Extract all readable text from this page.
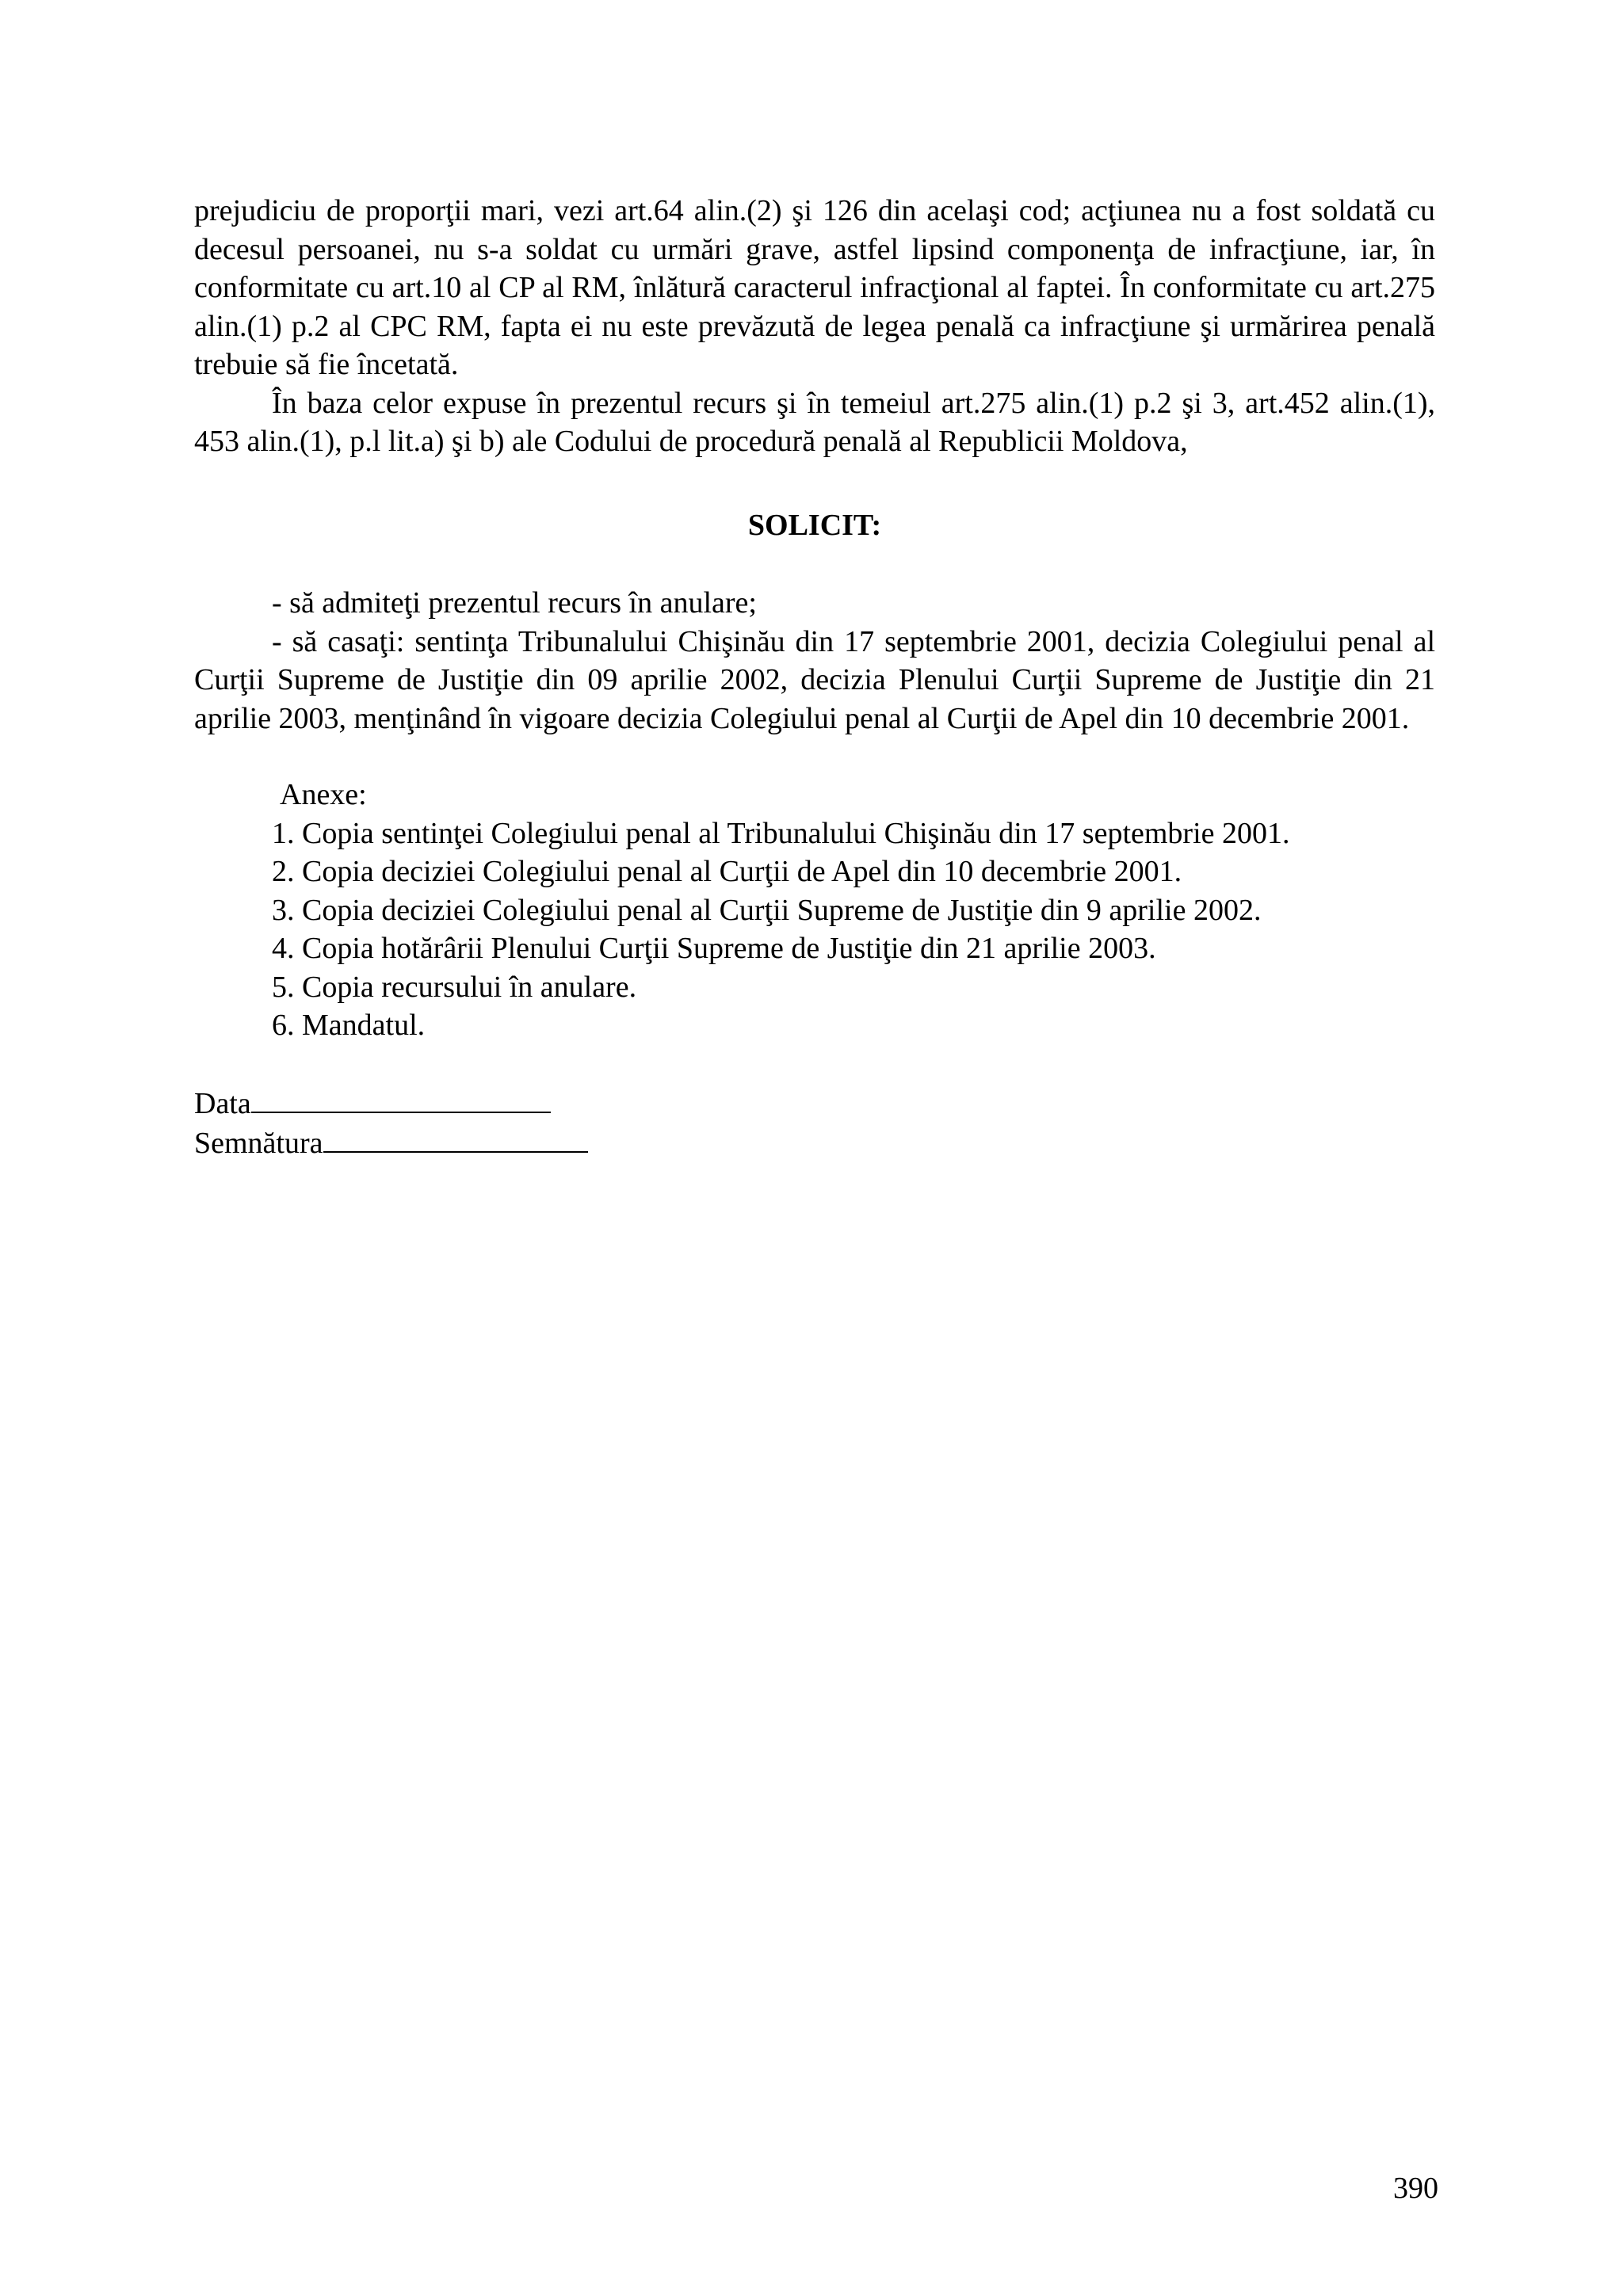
prejudiciu de proporţii mari, vezi art.64 alin.(2) şi 126 din acelaşi cod; acţiunea nu a fost soldată cu decesul persoanei, nu s-a soldat cu urmări grave, astfel lipsind componenţa de infracţiune, iar, în conformitate cu art.10 al CP al RM, înlătură caracterul infracţional al faptei. În conformitate cu art.275 alin.(1) p.2 al CPC RM, fapta ei nu este prevăzută de legea penală ca infracţiune şi urmărirea penală trebuie să fie încetată.

În baza celor expuse în prezentul recurs şi în temeiul art.275 alin.(1) p.2 şi 3, art.452 alin.(1), 453 alin.(1), p.l lit.a) şi b) ale Codului de procedură penală al Republicii Moldova,

SOLICIT:

- să admiteţi prezentul recurs în anulare;

- să casaţi: sentinţa Tribunalului Chişinău din 17 septembrie 2001, decizia Colegiului penal al Curţii Supreme de Justiţie din 09 aprilie 2002, decizia Plenului Curţii Supreme de Justiţie din 21 aprilie 2003, menţinând în vigoare decizia Colegiului penal al Curţii de Apel din 10 decembrie 2001.

Anexe:

1. Copia sentinţei Colegiului penal al Tribunalului Chişinău din 17 septembrie 2001.

2. Copia deciziei Colegiului penal al Curţii de Apel din 10 decembrie 2001.

3. Copia deciziei Colegiului penal al Curţii Supreme de Justiţie din 9 aprilie 2002.

4. Copia hotărârii Plenului Curţii Supreme de Justiţie din 21 aprilie 2003.

5. Copia recursului în anulare.

6. Mandatul.

Data

Semnătura

390
